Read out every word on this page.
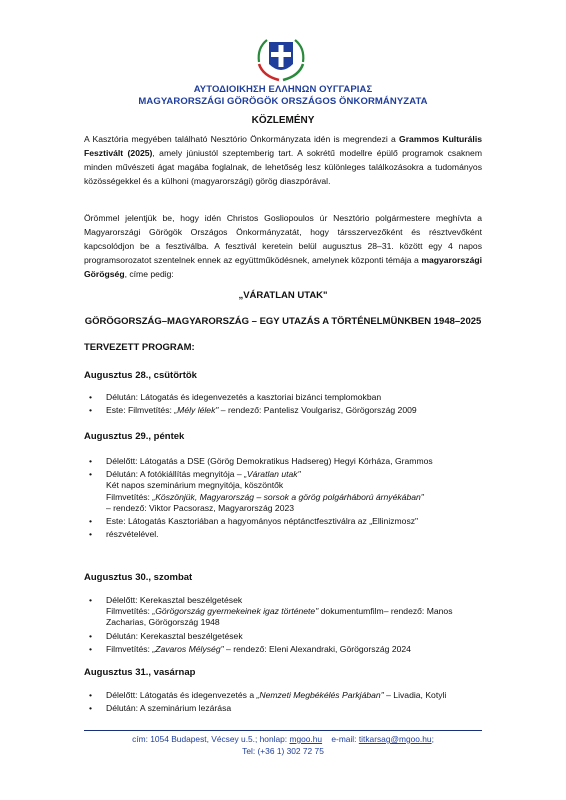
ΑΥΤΟΔΙΟΙΚΗΣΗ ΕΛΛΗΝΩΝ ΟΥΓΓΑΡΙΑΣ
MAGYARORSZÁGI GÖRÖGÖK ORSZÁGOS ÖNKORMÁNYZATA
KÖZLEMÉNY
A Kasztória megyében található Nesztório Önkormányzata idén is megrendezi a Grammos Kulturális Fesztivált (2025), amely júniustól szeptemberig tart. A sokrétű modellre épülő programok csaknem minden művészeti ágat magába foglalnak, de lehetőség lesz különleges találkozásokra a tudományos közösségekkel és a külhoni (magyarországi) görög diaszpórával.
Örömmel jelentjük be, hogy idén Christos Gosliopoulos úr Nesztório polgármestere meghívta a Magyarországi Görögök Országos Önkormányzatát, hogy társszervezőként és résztvevőként kapcsolódjon be a fesztiválba. A fesztivál keretein belül augusztus 28–31. között egy 4 napos programsorozatot szentelnek ennek az együttműködésnek, amelynek központi témája a magyarországi Görögség, címe pedig:
„VÁRATLAN UTAK"
GÖRÖGORSZÁG–MAGYARORSZÁG – EGY UTAZÁS A TÖRTÉNELMÜNKBEN 1948–2025
TERVEZETT PROGRAM:
Augusztus 28., csütörtök
• Délután: Látogatás és idegenvezetés a kasztoriai bizánci templomokban
• Este: Filmvetítés: „Mély lélek" – rendező: Pantelisz Voulgarisz, Görögország 2009
Augusztus 29., péntek
• Délelőtt: Látogatás a DSE (Görög Demokratikus Hadsereg) Hegyi Kórháza, Grammos
• Délután: A fotókiállítás megnyitója – „Váratlan utak"
Két napos szeminárium megnyitója, köszöntők
Filmvetítés: „Köszönjük, Magyarország – sorsok a görög polgárháború árnyékában"
– rendező: Viktor Pacsorasz, Magyarország 2023
• Este: Látogatás Kasztoriában a hagyományos néptánctfesztiválra az „Ellinizmosz"
• részvételével.
Augusztus 30., szombat
• Délelőtt: Kerekasztal beszélgetések
Filmvetítés: „Görögország gyermekeinek igaz története" dokumentumfilm– rendező: Manos Zacharias, Görögország 1948
• Délután: Kerekasztal beszélgetések
• Filmvetítés: „Zavaros Mélység" – rendező: Eleni Alexandraki, Görögország 2024
Augusztus 31., vasárnap
• Délelőtt: Látogatás és idegenvezetés a „Nemzeti Megbékélés Parkjában" – Livadia, Kotyli
• Délután: A szeminárium lezárása
cím: 1054 Budapest, Vécsey u.5.; honlap: mgoo.hu    e-mail: titkarsag@mgoo.hu;
Tel: (+36 1) 302 72 75
